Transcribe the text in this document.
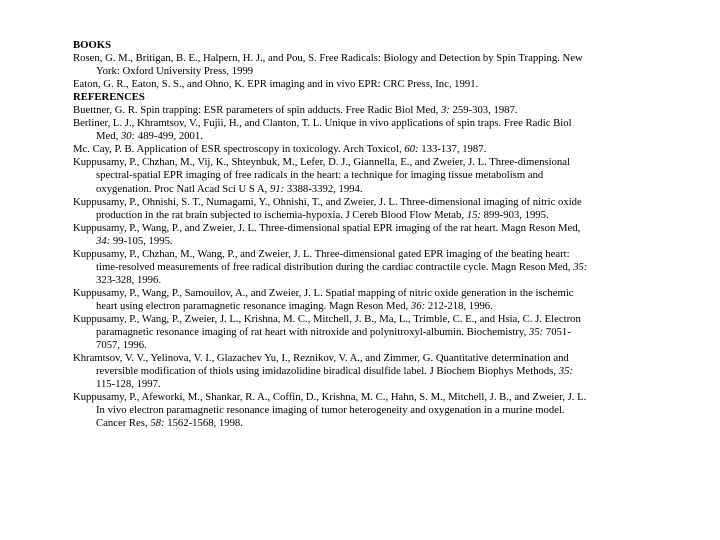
BOOKS
Rosen, G. M., Britigan, B. E., Halpern, H. J., and Pou, S. Free Radicals: Biology and Detection by Spin Trapping. New York: Oxford University Press, 1999
Eaton, G. R., Eaton, S. S., and Ohno, K. EPR imaging and in vivo EPR: CRC Press, Inc, 1991.
REFERENCES
Buettner, G. R. Spin trapping: ESR parameters of spin adducts. Free Radic Biol Med, 3: 259-303, 1987.
Berliner, L. J., Khramtsov, V., Fujii, H., and Clanton, T. L. Unique in vivo applications of spin traps. Free Radic Biol Med, 30: 489-499, 2001.
Mc. Cay, P. B. Application of ESR spectroscopy in toxicology. Arch Toxicol, 60: 133-137, 1987.
Kuppusamy, P., Chzhan, M., Vij, K., Shteynbuk, M., Lefer, D. J., Giannella, E., and Zweier, J. L. Three-dimensional spectral-spatial EPR imaging of free radicals in the heart: a technique for imaging tissue metabolism and oxygenation. Proc Natl Acad Sci U S A, 91: 3388-3392, 1994.
Kuppusamy, P., Ohnishi, S. T., Numagami, Y., Ohnishi, T., and Zweier, J. L. Three-dimensional imaging of nitric oxide production in the rat brain subjected to ischemia-hypoxia. J Cereb Blood Flow Metab, 15: 899-903, 1995.
Kuppusamy, P., Wang, P., and Zweier, J. L. Three-dimensional spatial EPR imaging of the rat heart. Magn Reson Med, 34: 99-105, 1995.
Kuppusamy, P., Chzhan, M., Wang, P., and Zweier, J. L. Three-dimensional gated EPR imaging of the beating heart: time-resolved measurements of free radical distribution during the cardiac contractile cycle. Magn Reson Med, 35: 323-328, 1996.
Kuppusamy, P., Wang, P., Samouilov, A., and Zweier, J. L. Spatial mapping of nitric oxide generation in the ischemic heart using electron paramagnetic resonance imaging. Magn Reson Med, 36: 212-218, 1996.
Kuppusamy, P., Wang, P., Zweier, J. L., Krishna, M. C., Mitchell, J. B., Ma, L., Trimble, C. E., and Hsia, C. J. Electron paramagnetic resonance imaging of rat heart with nitroxide and polynitroxyl-albumin. Biochemistry, 35: 7051-7057, 1996.
Khramtsov, V. V., Yelinova, V. I., Glazachev Yu, I., Reznikov, V. A., and Zimmer, G. Quantitative determination and reversible modification of thiols using imidazolidine biradical disulfide label. J Biochem Biophys Methods, 35: 115-128, 1997.
Kuppusamy, P., Afeworki, M., Shankar, R. A., Coffin, D., Krishna, M. C., Hahn, S. M., Mitchell, J. B., and Zweier, J. L. In vivo electron paramagnetic resonance imaging of tumor heterogeneity and oxygenation in a murine model. Cancer Res, 58: 1562-1568, 1998.
